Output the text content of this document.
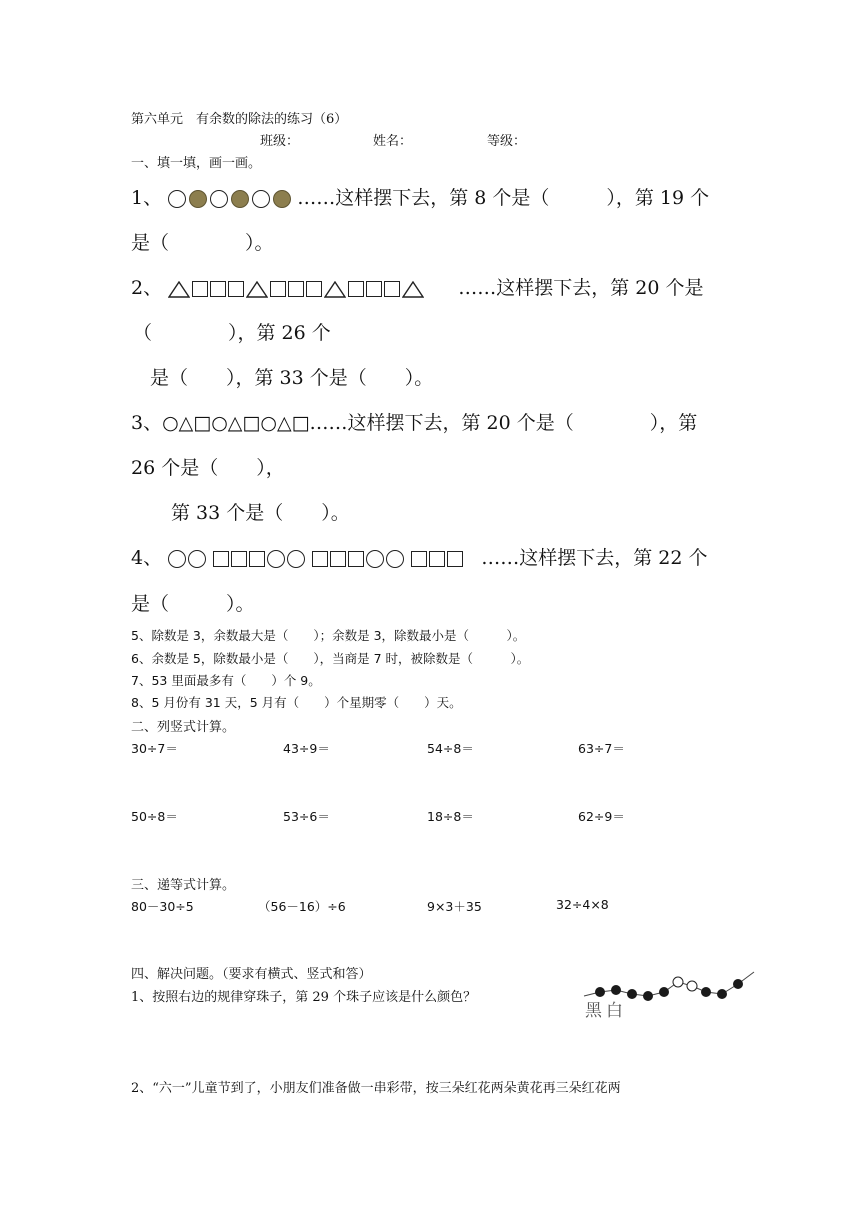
第六单元　有余数的除法的练习（6）
班级：	姓名：	等级：
一、填一填，画一画。
1、	……这样摆下去，第 8 个是（　　　），第 19 个
是（　　　　）。
2、	……这样摆下去，第 20 个是
（　　　　），第 26 个
是（　　），第 33 个是（　　）。
3、○△□○△□○△□……这样摆下去，第 20 个是（　　　　），第
26 个是（　　），
第 33 个是（　　）。
4、	……这样摆下去，第 22 个
是（　　　）。
5、除数是 3，余数最大是（　　）；余数是 3，除数最小是（　　　）。
6、余数是 5，除数最小是（　　），当商是 7 时，被除数是（　　　）。
7、53 里面最多有（　　）个 9。
8、5 月份有 31 天，5 月有（　　）个星期零（　　）天。
二、列竖式计算。
30÷7＝	43÷9＝	54÷8＝	63÷7＝
50÷8＝	53÷6＝	18÷8＝	62÷9＝
三、递等式计算。
80－30÷5	（56－16）÷6	9×3＋35	32÷4×8
四、解决问题。（要求有横式、竖式和答）
1、按照右边的规律穿珠子，第 29 个珠子应该是什么颜色？
黑 白
2、“六一”儿童节到了，小朋友们准备做一串彩带，按三朵红花两朵黄花再三朵红花两
